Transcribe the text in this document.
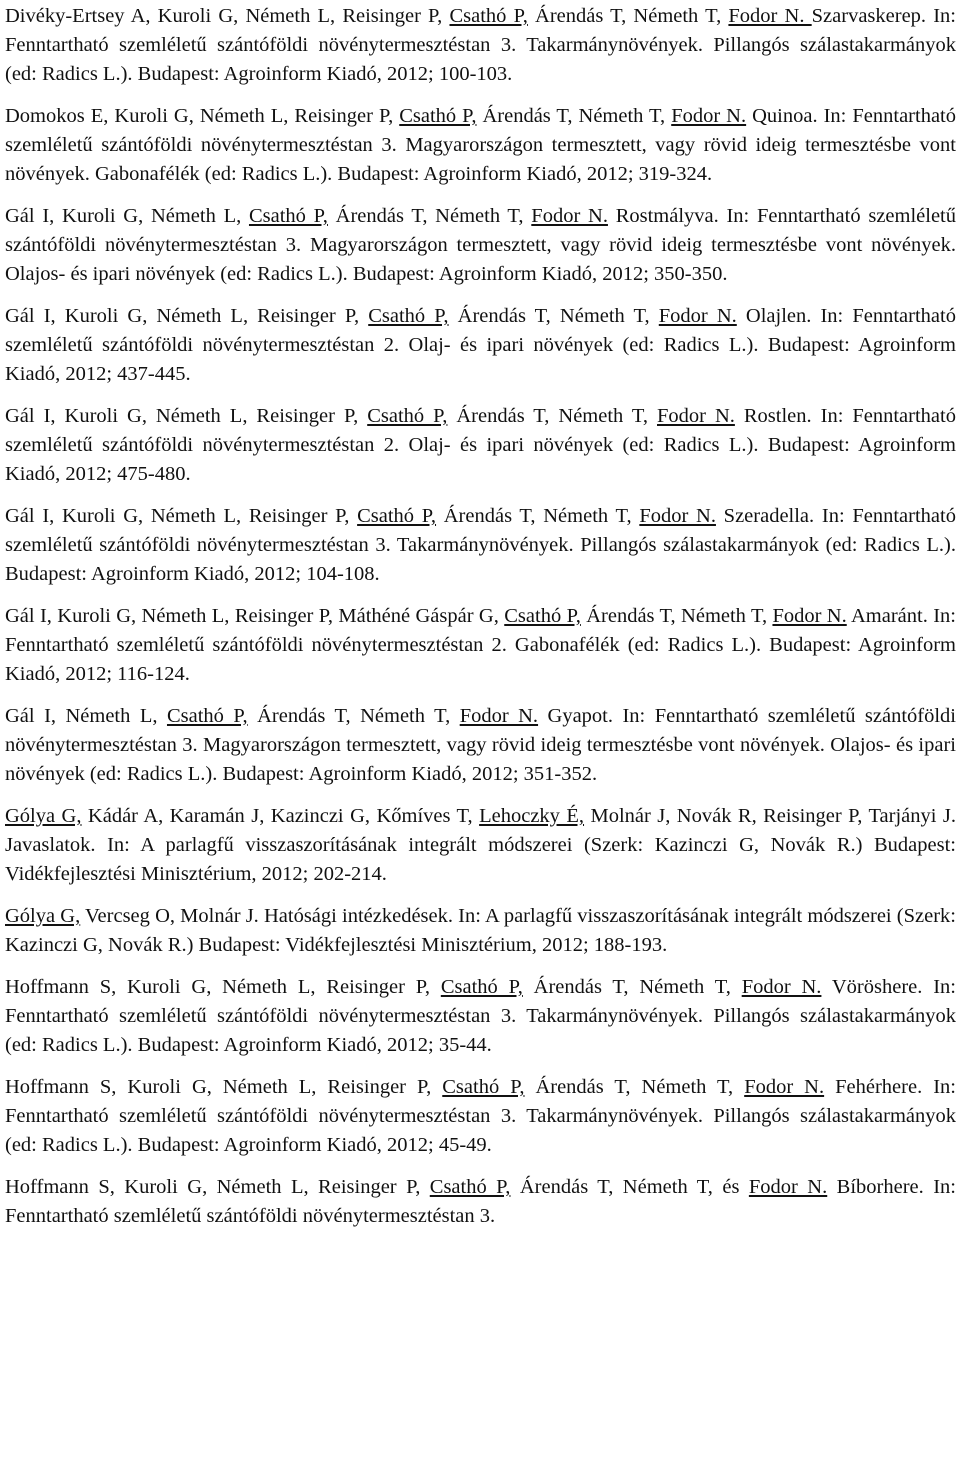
Divéky-Ertsey A, Kuroli G, Németh L, Reisinger P, Csathó P, Árendás T, Németh T, Fodor N. Szarvaskerep. In: Fenntartható szemléletű szántóföldi növénytermesztéstan 3. Takarmánynövények. Pillangós szálastakarmányok (ed: Radics L.). Budapest: Agroinform Kiadó, 2012; 100-103.

Domokos E, Kuroli G, Németh L, Reisinger P, Csathó P, Árendás T, Németh T, Fodor N. Quinoa. In: Fenntartható szemléletű szántóföldi növénytermesztéstan 3. Magyarországon termesztett, vagy rövid ideig termesztésbe vont növények. Gabonafélék (ed: Radics L.). Budapest: Agroinform Kiadó, 2012; 319-324.

Gál I, Kuroli G, Németh L, Csathó P, Árendás T, Németh T, Fodor N. Rostmályva. In: Fenntartható szemléletű szántóföldi növénytermesztéstan 3. Magyarországon termesztett, vagy rövid ideig termesztésbe vont növények. Olajos- és ipari növények (ed: Radics L.). Budapest: Agroinform Kiadó, 2012; 350-350.

Gál I, Kuroli G, Németh L, Reisinger P, Csathó P, Árendás T, Németh T, Fodor N. Olajlen. In: Fenntartható szemléletű szántóföldi növénytermesztéstan 2. Olaj- és ipari növények (ed: Radics L.). Budapest: Agroinform Kiadó, 2012; 437-445.

Gál I, Kuroli G, Németh L, Reisinger P, Csathó P, Árendás T, Németh T, Fodor N. Rostlen. In: Fenntartható szemléletű szántóföldi növénytermesztéstan 2. Olaj- és ipari növények (ed: Radics L.). Budapest: Agroinform Kiadó, 2012; 475-480.

Gál I, Kuroli G, Németh L, Reisinger P, Csathó P, Árendás T, Németh T, Fodor N. Szeradella. In: Fenntartható szemléletű szántóföldi növénytermesztéstan 3. Takarmánynövények. Pillangós szálastakarmányok (ed: Radics L.). Budapest: Agroinform Kiadó, 2012; 104-108.

Gál I, Kuroli G, Németh L, Reisinger P, Máthéné Gáspár G, Csathó P, Árendás T, Németh T, Fodor N. Amaránt. In: Fenntartható szemléletű szántóföldi növénytermesztéstan 2. Gabonafélék (ed: Radics L.). Budapest: Agroinform Kiadó, 2012; 116-124.

Gál I, Németh L, Csathó P, Árendás T, Németh T, Fodor N. Gyapot. In: Fenntartható szemléletű szántóföldi növénytermesztéstan 3. Magyarországon termesztett, vagy rövid ideig termesztésbe vont növények. Olajos- és ipari növények (ed: Radics L.). Budapest: Agroinform Kiadó, 2012; 351-352.

Gólya G, Kádár A, Karamán J, Kazinczi G, Kőmíves T, Lehoczky É, Molnár J, Novák R, Reisinger P, Tarjányi J. Javaslatok. In: A parlagfű visszaszorításának integrált módszerei (Szerk: Kazinczi G, Novák R.) Budapest: Vidékfejlesztési Minisztérium, 2012; 202-214.

Gólya G, Vercseg O, Molnár J. Hatósági intézkedések. In: A parlagfű visszaszorításának integrált módszerei (Szerk: Kazinczi G, Novák R.) Budapest: Vidékfejlesztési Minisztérium, 2012; 188-193.

Hoffmann S, Kuroli G, Németh L, Reisinger P, Csathó P, Árendás T, Németh T, Fodor N. Vöröshere. In: Fenntartható szemléletű szántóföldi növénytermesztéstan 3. Takarmánynövények. Pillangós szálastakarmányok (ed: Radics L.). Budapest: Agroinform Kiadó, 2012; 35-44.

Hoffmann S, Kuroli G, Németh L, Reisinger P, Csathó P, Árendás T, Németh T, Fodor N. Fehérhere. In: Fenntartható szemléletű szántóföldi növénytermesztéstan 3. Takarmánynövények. Pillangós szálastakarmányok (ed: Radics L.). Budapest: Agroinform Kiadó, 2012; 45-49.

Hoffmann S, Kuroli G, Németh L, Reisinger P, Csathó P, Árendás T, Németh T, és Fodor N. Bíborhere. In: Fenntartható szemléletű szántóföldi növénytermesztéstan 3.
